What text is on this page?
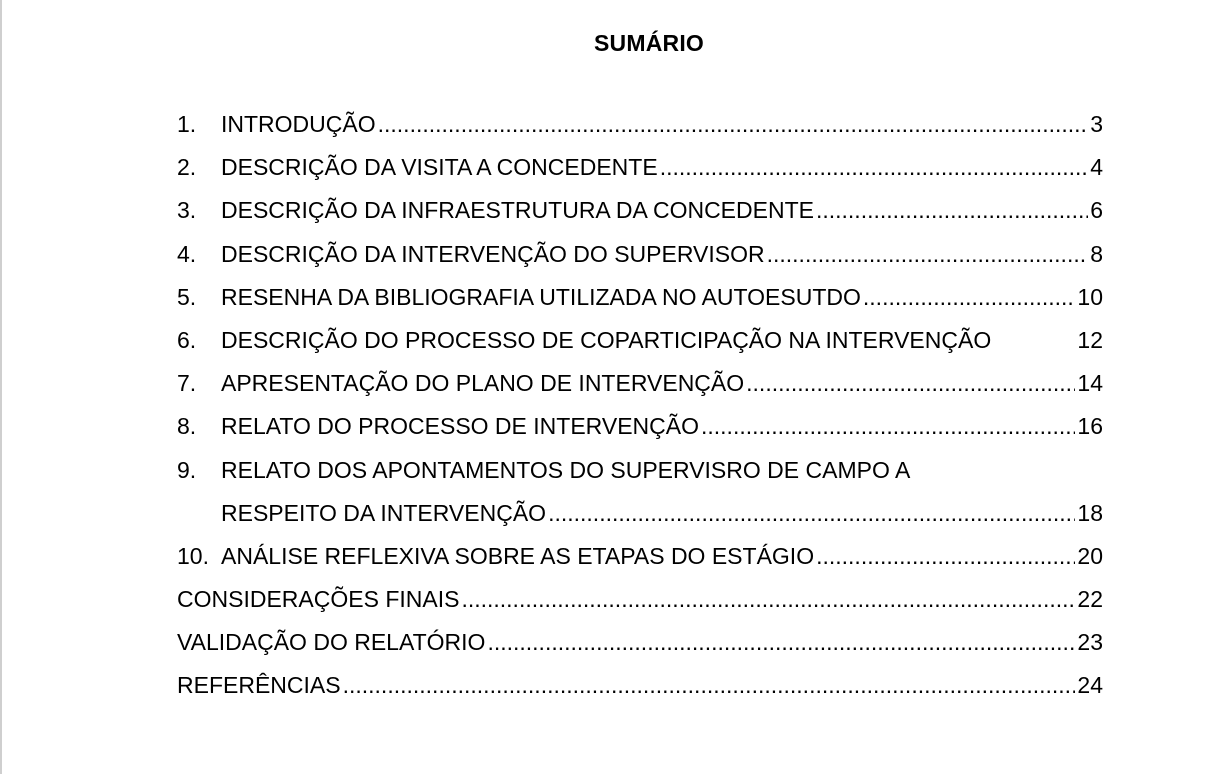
SUMÁRIO
1.	INTRODUÇÃO .....	3
2.	DESCRIÇÃO DA VISITA A CONCEDENTE .....	4
3.	DESCRIÇÃO DA INFRAESTRUTURA DA CONCEDENTE .....	6
4.	DESCRIÇÃO DA INTERVENÇÃO DO SUPERVISOR .....	8
5.	RESENHA DA BIBLIOGRAFIA UTILIZADA NO AUTOESUTDO .....	10
6.	DESCRIÇÃO DO PROCESSO DE COPARTICIPAÇÃO NA INTERVENÇÃO	12
7.	APRESENTAÇÃO DO PLANO DE INTERVENÇÃO .....	14
8.	RELATO DO PROCESSO DE INTERVENÇÃO .....	16
9.	RELATO DOS APONTAMENTOS DO SUPERVISRO DE CAMPO A
RESPEITO DA INTERVENÇÃO .....	18
10. ANÁLISE REFLEXIVA SOBRE AS ETAPAS DO ESTÁGIO .....	20
CONSIDERAÇÕES FINAIS .....	22
VALIDAÇÃO DO RELATÓRIO .....	23
REFERÊNCIAS .....	24
